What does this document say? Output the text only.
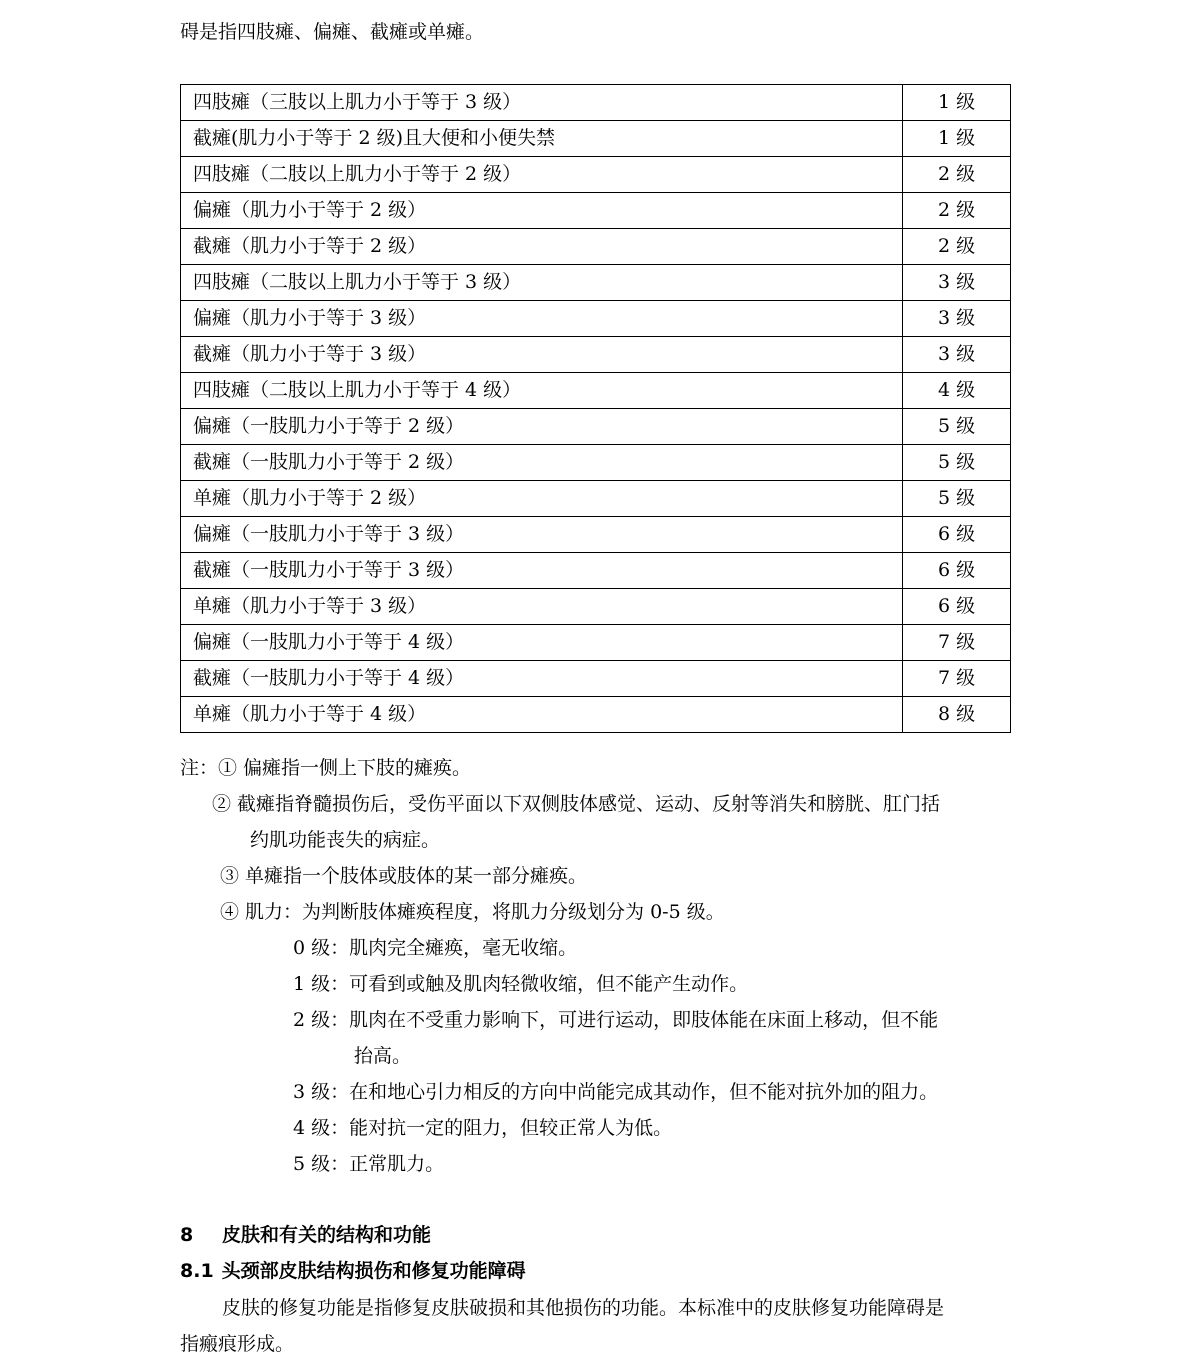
碍是指四肢瘫、偏瘫、截瘫或单瘫。
四肢瘫（三肢以上肌力小于等于 3 级）	1 级
截瘫(肌力小于等于 2 级)且大便和小便失禁	1 级
四肢瘫（二肢以上肌力小于等于 2 级）	2 级
偏瘫（肌力小于等于 2 级）	2 级
截瘫（肌力小于等于 2 级）	2 级
四肢瘫（二肢以上肌力小于等于 3 级）	3 级
偏瘫（肌力小于等于 3 级）	3 级
截瘫（肌力小于等于 3 级）	3 级
四肢瘫（二肢以上肌力小于等于 4 级）	4 级
偏瘫（一肢肌力小于等于 2 级）	5 级
截瘫（一肢肌力小于等于 2 级）	5 级
单瘫（肌力小于等于 2 级）	5 级
偏瘫（一肢肌力小于等于 3 级）	6 级
截瘫（一肢肌力小于等于 3 级）	6 级
单瘫（肌力小于等于 3 级）	6 级
偏瘫（一肢肌力小于等于 4 级）	7 级
截瘫（一肢肌力小于等于 4 级）	7 级
单瘫（肌力小于等于 4 级）	8 级
注：① 偏瘫指一侧上下肢的瘫痪。
② 截瘫指脊髓损伤后，受伤平面以下双侧肢体感觉、运动、反射等消失和膀胱、肛门括
约肌功能丧失的病症。
③ 单瘫指一个肢体或肢体的某一部分瘫痪。
④ 肌力：为判断肢体瘫痪程度，将肌力分级划分为 0-5 级。
0 级：肌肉完全瘫痪，毫无收缩。
1 级：可看到或触及肌肉轻微收缩，但不能产生动作。
2 级：肌肉在不受重力影响下，可进行运动，即肢体能在床面上移动，但不能
抬高。
3 级：在和地心引力相反的方向中尚能完成其动作，但不能对抗外加的阻力。
4 级：能对抗一定的阻力，但较正常人为低。
5 级：正常肌力。
8 皮肤和有关的结构和功能
8.1 头颈部皮肤结构损伤和修复功能障碍
皮肤的修复功能是指修复皮肤破损和其他损伤的功能。本标准中的皮肤修复功能障碍是
指瘢痕形成。
